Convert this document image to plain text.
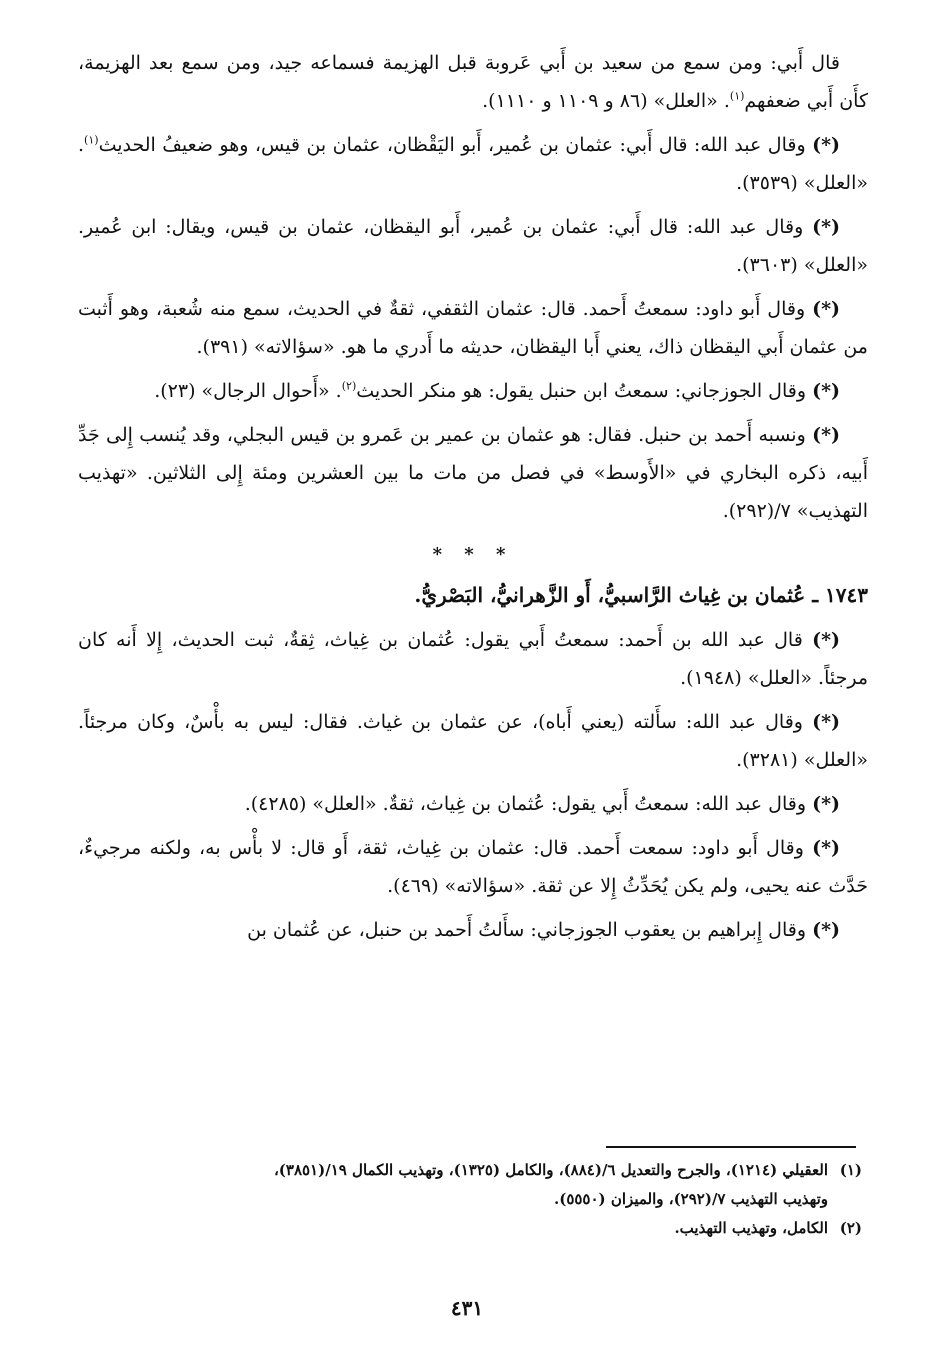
قال أَبي: ومن سمع من سعيد بن أَبي عَروبة قبل الهزيمة فسماعه جيد، ومن سمع بعد الهزيمة، كأَن أَبي ضعفهم$^{(١)}$. «العلل» (٨٦ و ١١٠٩ و ١١١٠).

(*) وقال عبد الله: قال أَبي: عثمان بن عُمير، أَبو اليَقْظان، عثمان بن قيس، وهو ضعيفُ الحديث$^{(١)}$. «العلل» (٣٥٣٩).

(*) وقال عبد الله: قال أَبي: عثمان بن عُمير، أَبو اليقظان، عثمان بن قيس، ويقال: ابن عُمير. «العلل» (٣٦٠٣).

(*) وقال أَبو داود: سمعتُ أَحمد. قال: عثمان الثقفي، ثقةٌ في الحديث، سمع منه شُعبة، وهو أَثبت من عثمان أَبي اليقظان ذاك، يعني أَبا اليقظان، حديثه ما أَدري ما هو. «سؤالاته» (٣٩١).

(*) وقال الجوزجاني: سمعتُ ابن حنبل يقول: هو منكر الحديث$^{(٢)}$. «أَحوال الرجال» (٢٣).

(*) ونسبه أَحمد بن حنبل. فقال: هو عثمان بن عمير بن عَمرو بن قيس البجلي، وقد يُنسب إِلى جَدِّ أَبيه، ذكره البخاري في «الأَوسط» في فصل من مات ما بين العشرين ومئة إِلى الثلاثين. «تهذيب التهذيب» ٧/(٢٩٢).

* * *
١٧٤٣ ـ عُثمان بن غِياث الرَّاسبيُّ، أَو الزَّهرانيُّ، البَصْريُّ.

(*) قال عبد الله بن أَحمد: سمعتُ أَبي يقول: عُثمان بن غِياث، ثِقةٌ، ثبت الحديث، إِلا أَنه كان مرجئاً. «العلل» (١٩٤٨).

(*) وقال عبد الله: سأَلته (يعني أَباه)، عن عثمان بن غياث. فقال: ليس به بأْسٌ، وكان مرجئاً. «العلل» (٣٢٨١).

(*) وقال عبد الله: سمعتُ أَبي يقول: عُثمان بن غِياث، ثقةٌ. «العلل» (٤٢٨٥).

(*) وقال أَبو داود: سمعت أَحمد. قال: عثمان بن غِياث، ثقة، أَو قال: لا بأْس به، ولكنه مرجيءٌ، حَدَّث عنه يحيى، ولم يكن يُحَدِّثُ إِلا عن ثقة. «سؤالاته» (٤٦٩).

(*) وقال إِبراهيم بن يعقوب الجوزجاني: سأَلتُ أَحمد بن حنبل، عن عُثمان بن

(١)العقيلي (١٢١٤)، والجرح والتعديل ٦/(٨٨٤)، والكامل (١٣٢٥)، وتهذيب الكمال ١٩/(٣٨٥١)،

وتهذيب التهذيب ٧/(٢٩٢)، والميزان (٥٥٥٠).

(٢)الكامل، وتهذيب التهذيب.

٤٣١
